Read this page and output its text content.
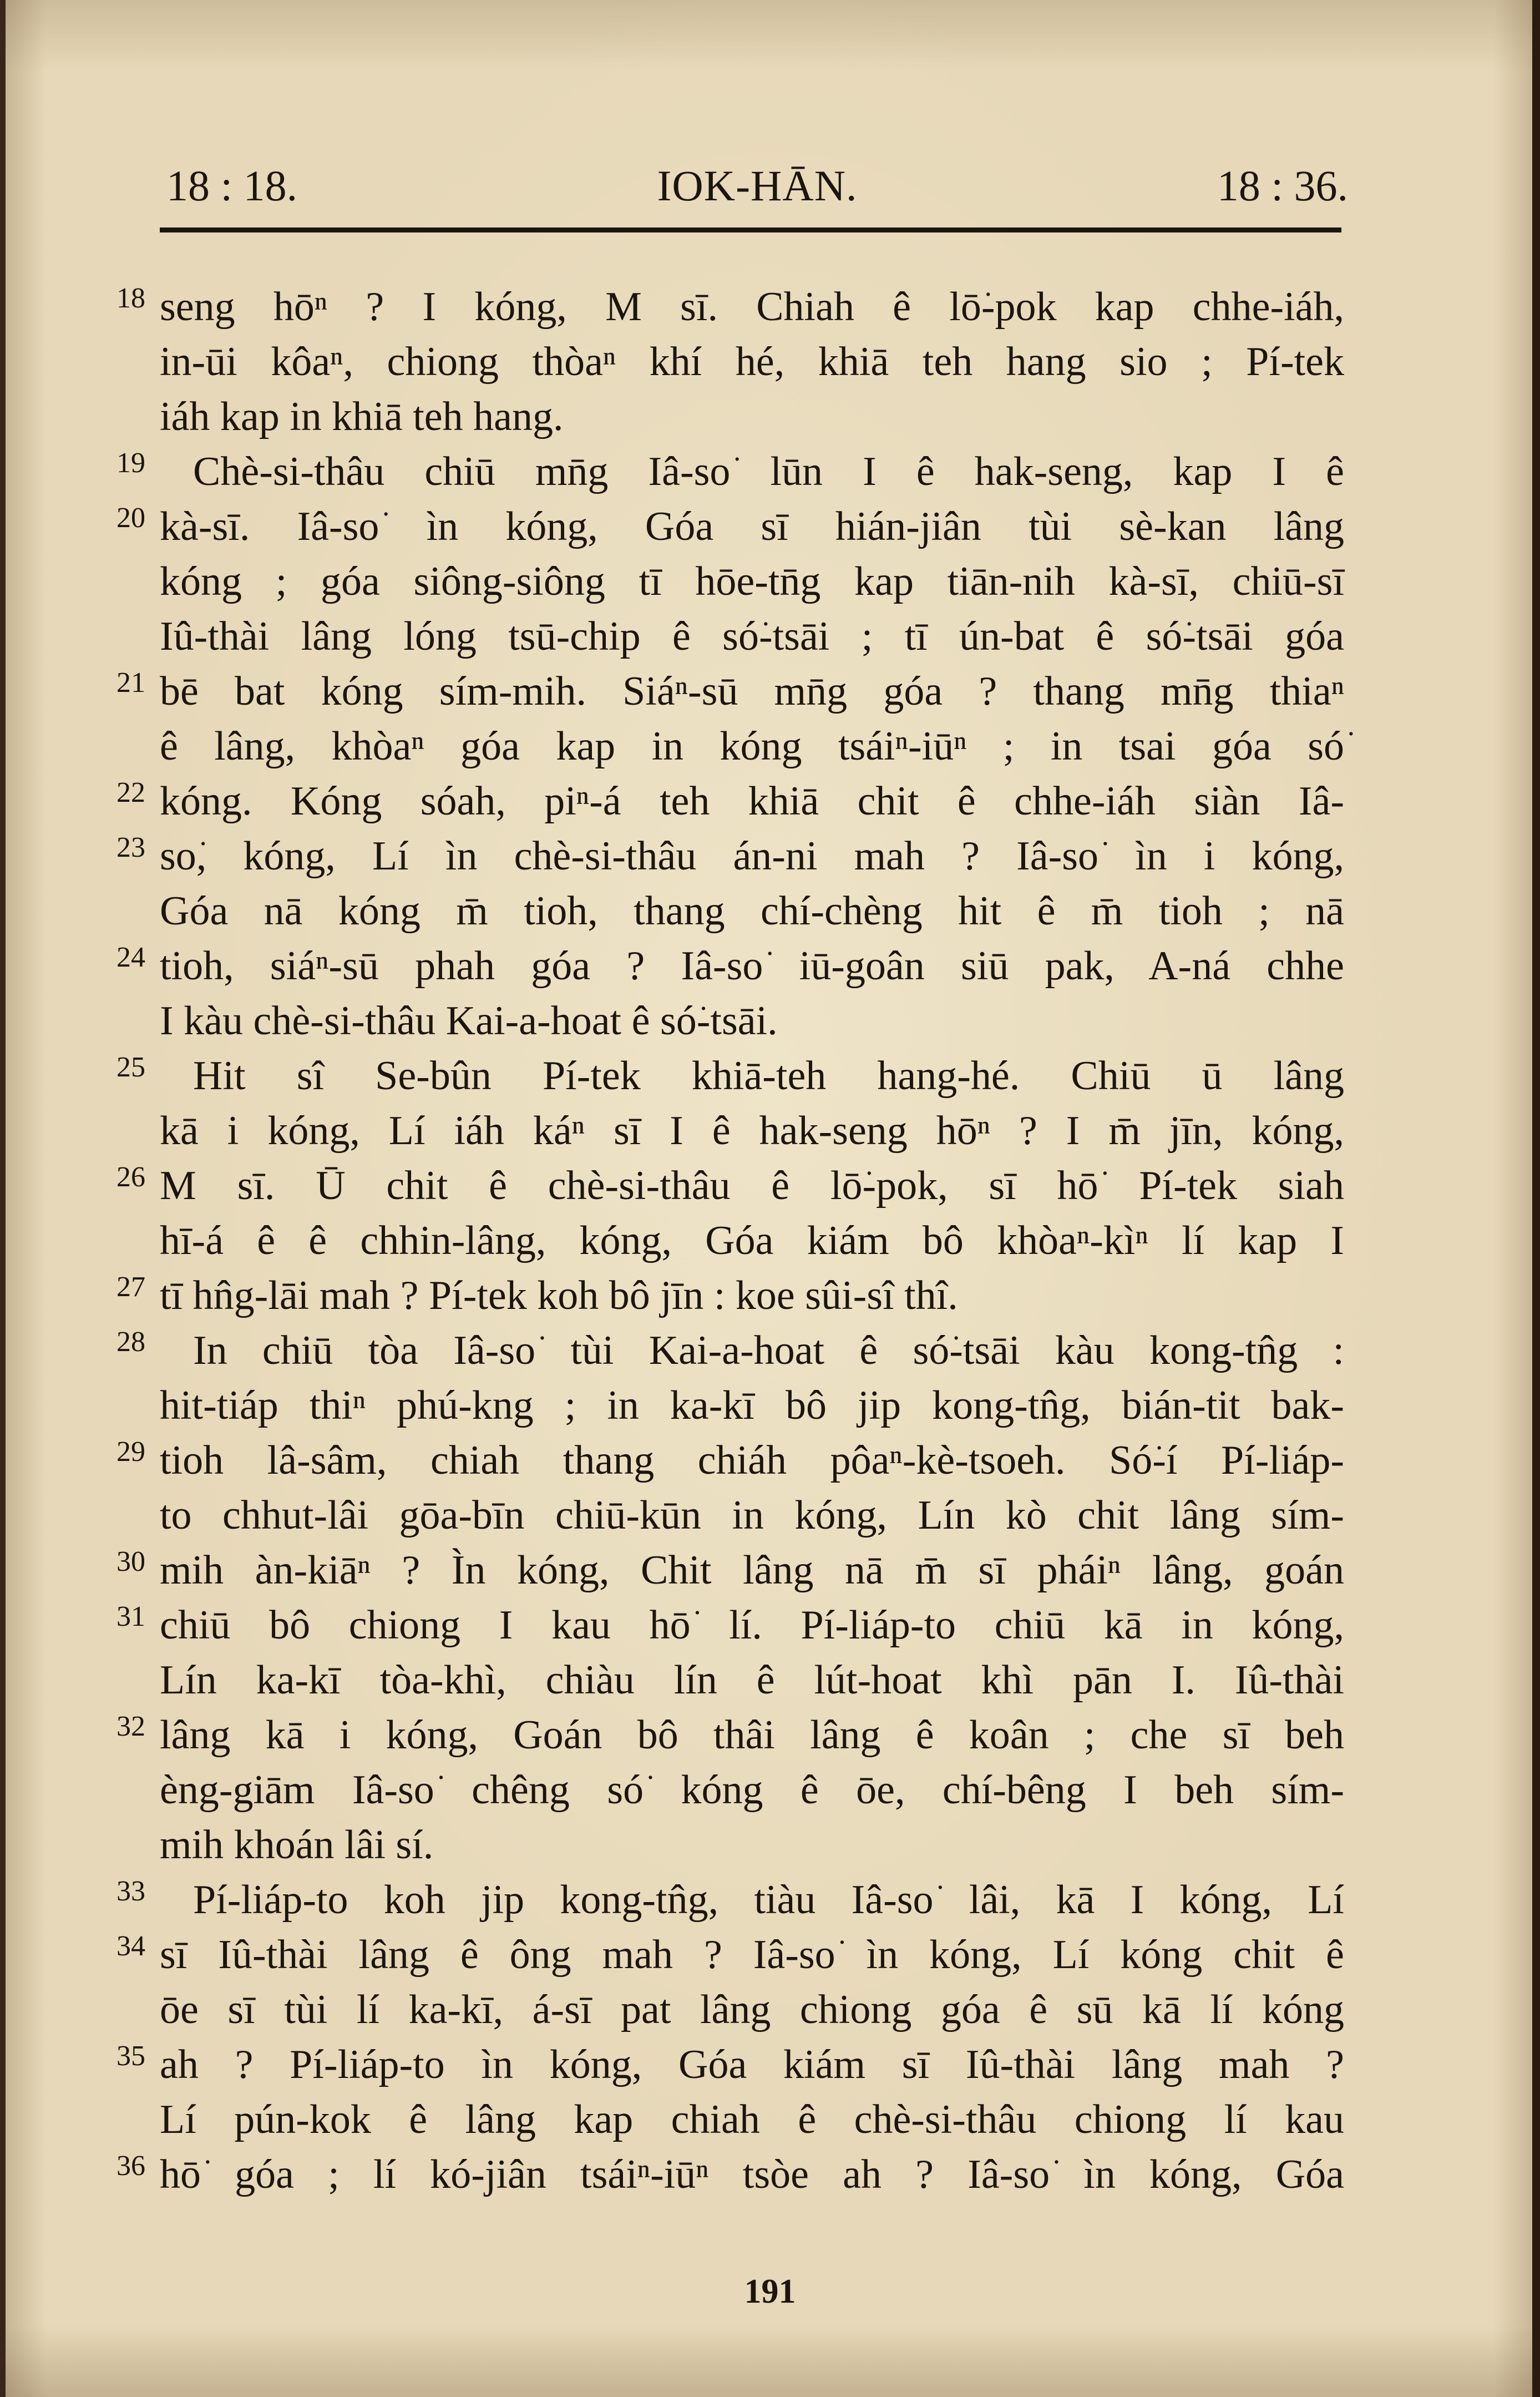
18 : 18.	IOK-HĀN.	18 : 36.
seng hōⁿ ? I kóng, M sī. Chiah ê lō͘-pok kap chhe-iáh,
in-ūi kôaⁿ, chiong thòaⁿ khí hé, khiā teh hang sio ; Pí-tek
iáh kap in khiā teh hang.
Chè-si-thâu chiū mn̄g Iâ-so͘ lūn I ê hak-seng, kap I ê
kà-sī. Iâ-so͘ ìn kóng, Góa sī hián-jiân tùi sè-kan lâng
kóng ; góa siông-siông tī hōe-tn̄g kap tiān-nih kà-sī, chiū-sī
Iû-thài lâng lóng tsū-chip ê só͘-tsāi ; tī ún-bat ê só͘-tsāi góa
bē bat kóng sím-mih. Siáⁿ-sū mn̄g góa ? thang mn̄g thiaⁿ
ê lâng, khòaⁿ góa kap in kóng tsáiⁿ-iūⁿ ; in tsai góa só͘
kóng. Kóng sóah, piⁿ-á teh khiā chit ê chhe-iáh siàn Iâ-
so͘, kóng, Lí ìn chè-si-thâu án-ni mah ? Iâ-so͘ ìn i kóng,
Góa nā kóng m̄ tioh, thang chí-chèng hit ê m̄ tioh ; nā
tioh, siáⁿ-sū phah góa ? Iâ-so͘ iū-goân siū pak, A-ná chhe
I kàu chè-si-thâu Kai-a-hoat ê só͘-tsāi.
Hit sî Se-bûn Pí-tek khiā-teh hang-hé. Chiū ū lâng
kā i kóng, Lí iáh káⁿ sī I ê hak-seng hōⁿ ? I m̄ jīn, kóng,
M sī. Ū chit ê chè-si-thâu ê lō͘-pok, sī hō͘ Pí-tek siah
hī-á ê ê chhin-lâng, kóng, Góa kiám bô khòaⁿ-kìⁿ lí kap I
tī hn̂g-lāi mah ? Pí-tek koh bô jīn : koe sûi-sî thî.
In chiū tòa Iâ-so͘ tùi Kai-a-hoat ê só͘-tsāi kàu kong-tn̂g :
hit-tiáp thiⁿ phú-kng ; in ka-kī bô jip kong-tn̂g, bián-tit bak-
tioh lâ-sâm, chiah thang chiáh pôaⁿ-kè-tsoeh. Só͘-í Pí-liáp-
to chhut-lâi gōa-bīn chiū-kūn in kóng, Lín kò chit lâng sím-
mih àn-kiāⁿ ? Ìn kóng, Chit lâng nā m̄ sī pháiⁿ lâng, goán
chiū bô chiong I kau hō͘ lí. Pí-liáp-to chiū kā in kóng,
Lín ka-kī tòa-khì, chiàu lín ê lút-hoat khì pān I. Iû-thài
lâng kā i kóng, Goán bô thâi lâng ê koân ; che sī beh
èng-giām Iâ-so͘ chêng só͘ kóng ê ōe, chí-bêng I beh sím-
mih khoán lâi sí.
Pí-liáp-to koh jip kong-tn̂g, tiàu Iâ-so͘ lâi, kā I kóng, Lí
sī Iû-thài lâng ê ông mah ? Iâ-so͘ ìn kóng, Lí kóng chit ê
ōe sī tùi lí ka-kī, á-sī pat lâng chiong góa ê sū kā lí kóng
ah ? Pí-liáp-to ìn kóng, Góa kiám sī Iû-thài lâng mah ?
Lí pún-kok ê lâng kap chiah ê chè-si-thâu chiong lí kau
hō͘ góa ; lí kó-jiân tsáiⁿ-iūⁿ tsòe ah ? Iâ-so͘ ìn kóng, Góa
18
19
20
21
22
23
24
25
26
27
28
29
30
31
32
33
34
35
36
191
